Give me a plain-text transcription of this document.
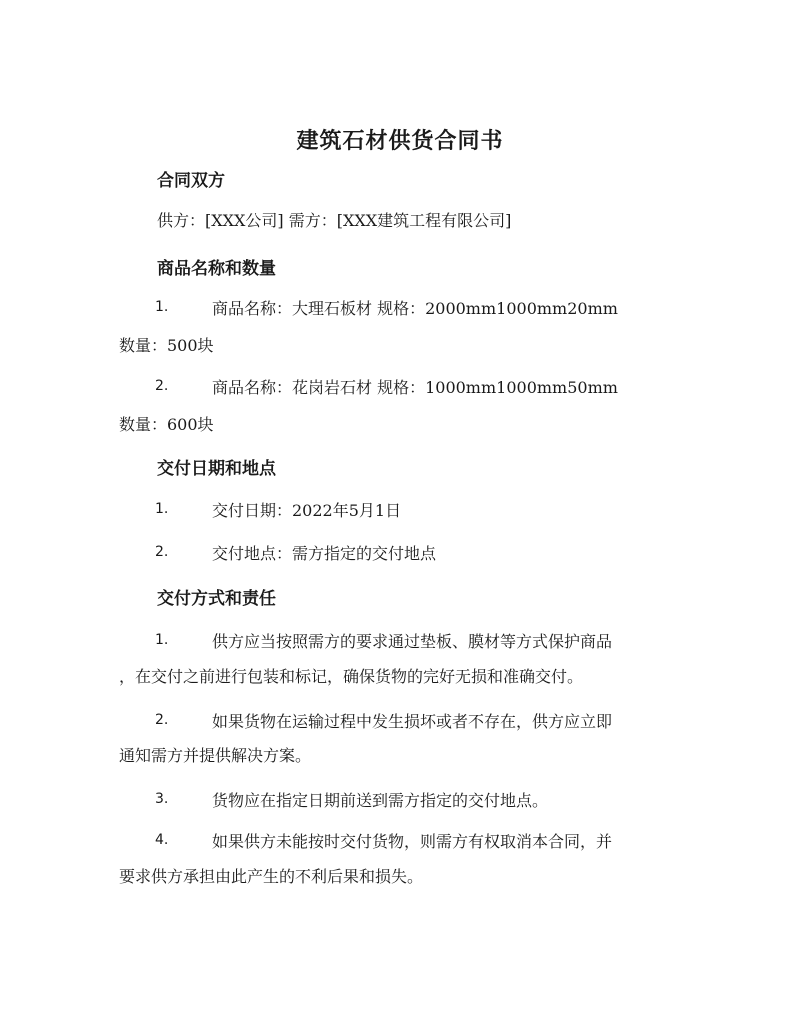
建筑石材供货合同书
合同双方
供方：[XXX公司] 需方：[XXX建筑工程有限公司]
商品名称和数量
1.	商品名称：大理石板材 规格：2000mm1000mm20mm
数量：500块
2.	商品名称：花岗岩石材 规格：1000mm1000mm50mm
数量：600块
交付日期和地点
1.	交付日期：2022年5月1日
2.	交付地点：需方指定的交付地点
交付方式和责任
1.	供方应当按照需方的要求通过垫板、膜材等方式保护商品
，在交付之前进行包装和标记，确保货物的完好无损和准确交付。
2.	如果货物在运输过程中发生损坏或者不存在，供方应立即
通知需方并提供解决方案。
3.	货物应在指定日期前送到需方指定的交付地点。
4.	如果供方未能按时交付货物，则需方有权取消本合同，并
要求供方承担由此产生的不利后果和损失。
